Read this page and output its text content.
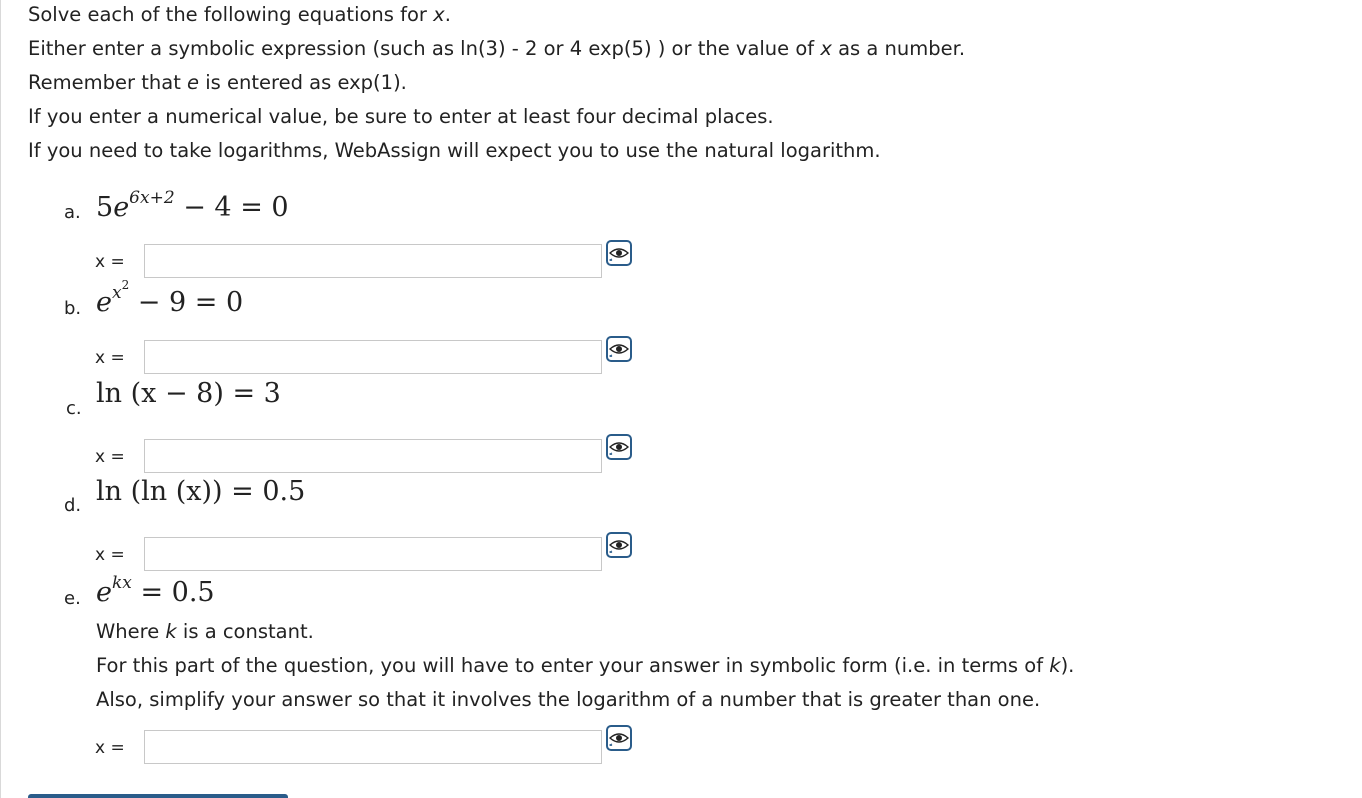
Solve each of the following equations for x.

Either enter a symbolic expression (such as ln(3) - 2 or 4 exp(5) ) or the value of x as a number.

Remember that e is entered as exp(1).

If you enter a numerical value, be sure to enter at least four decimal places.

If you need to take logarithms, WebAssign will expect you to use the natural logarithm.

a. $5e^{6x+2} - 4 = 0$
x =
b. $e^{x^2} - 9 = 0$
x =
c. ln (x − 8) = 3
x =
d. ln (ln (x)) = 0.5
x =
e. $e^{kx} = 0.5$

Where k is a constant.

For this part of the question, you will have to enter your answer in symbolic form (i.e. in terms of k).

Also, simplify your answer so that it involves the logarithm of a number that is greater than one.

x =
